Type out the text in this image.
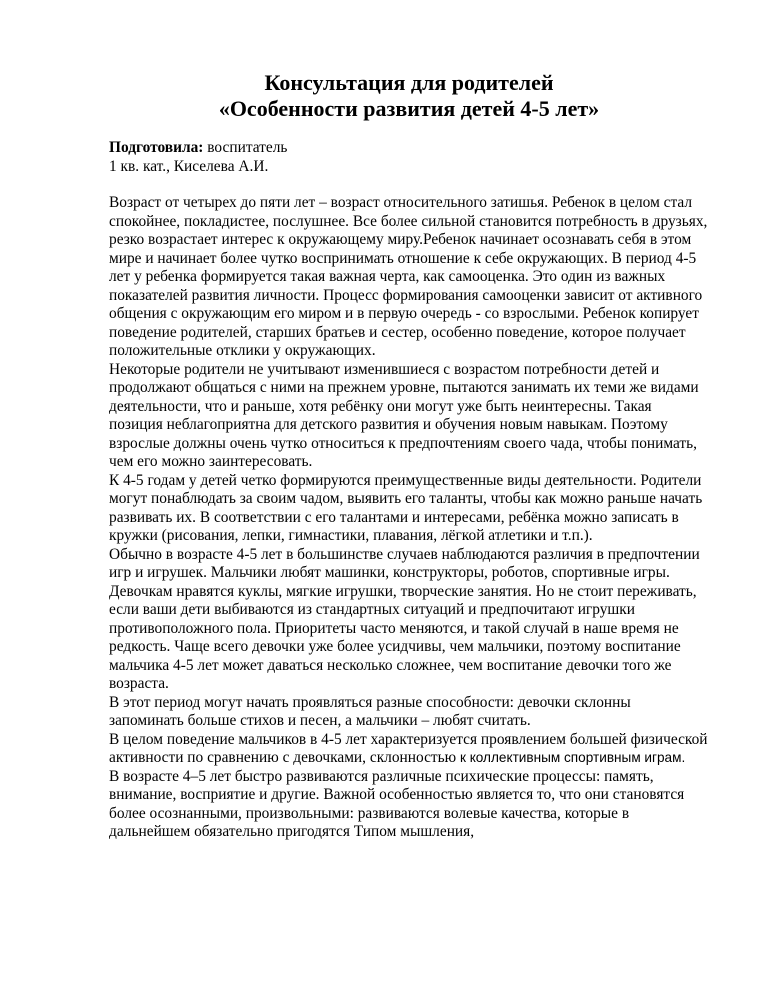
Консультация для родителей
«Особенности развития детей 4-5 лет»
Подготовила: воспитатель
1 кв. кат., Киселева А.И.

Возраст от четырех до пяти лет – возраст относительного затишья. Ребенок в целом стал спокойнее, покладистее, послушнее. Все более сильной становится потребность в друзьях, резко возрастает интерес к окружающему миру.Ребенок начинает осознавать себя в этом мире и начинает более чутко воспринимать отношение к себе окружающих. В период 4-5 лет у ребенка формируется такая важная черта, как самооценка. Это один из важных показателей развития личности. Процесс формирования самооценки зависит от активного общения с окружающим его миром и в первую очередь - со взрослыми. Ребенок копирует поведение родителей, старших братьев и сестер, особенно поведение, которое получает положительные отклики у окружающих.

Некоторые родители не учитывают изменившиеся с возрастом потребности детей и продолжают общаться с ними на прежнем уровне, пытаются занимать их теми же видами деятельности, что и раньше, хотя ребёнку они могут уже быть неинтересны. Такая позиция неблагоприятна для детского развития и обучения новым навыкам. Поэтому взрослые должны очень чутко относиться к предпочтениям своего чада, чтобы понимать, чем его можно заинтересовать.

К 4-5 годам у детей четко формируются преимущественные виды деятельности. Родители могут понаблюдать за своим чадом, выявить его таланты, чтобы как можно раньше начать развивать их. В соответствии с его талантами и интересами, ребёнка можно записать в кружки (рисования, лепки, гимнастики, плавания, лёгкой атлетики и т.п.).

Обычно в возрасте 4-5 лет в большинстве случаев наблюдаются различия в предпочтении игр и игрушек. Мальчики любят машинки, конструкторы, роботов, спортивные игры. Девочкам нравятся куклы, мягкие игрушки, творческие занятия. Но не стоит переживать, если ваши дети выбиваются из стандартных ситуаций и предпочитают игрушки противоположного пола. Приоритеты часто меняются, и такой случай в наше время не редкость. Чаще всего девочки уже более усидчивы, чем мальчики, поэтому воспитание мальчика 4-5 лет может даваться несколько сложнее, чем воспитание девочки того же возраста.

В этот период могут начать проявляться разные способности: девочки склонны запоминать больше стихов и песен, а мальчики – любят считать.

В целом поведение мальчиков в 4-5 лет характеризуется проявлением большей физической активности по сравнению с девочками, склонностью к коллективным спортивным играм.

В возрасте 4–5 лет быстро развиваются различные психические процессы: память, внимание, восприятие и другие. Важной особенностью является то, что они становятся более осознанными, произвольными: развиваются волевые качества, которые в дальнейшем обязательно пригодятся Типом мышления,
